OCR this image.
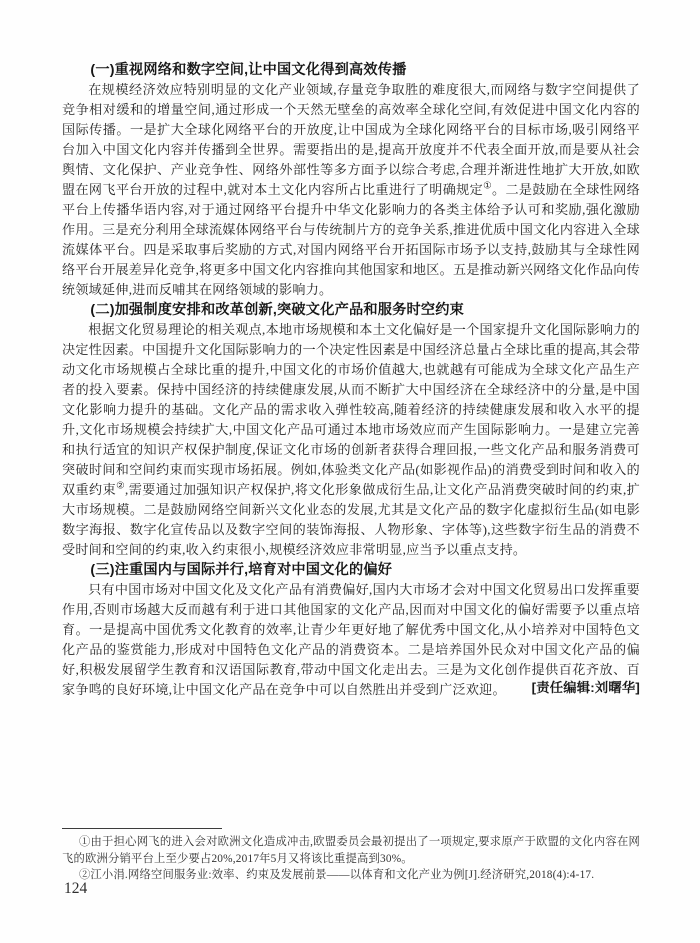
(一)重视网络和数字空间,让中国文化得到高效传播

在规模经济效应特别明显的文化产业领域,存量竞争取胜的难度很大,而网络与数字空间提供了竞争相对缓和的增量空间,通过形成一个天然无壁垒的高效率全球化空间,有效促进中国文化内容的国际传播。一是扩大全球化网络平台的开放度,让中国成为全球化网络平台的目标市场,吸引网络平台加入中国文化内容并传播到全世界。需要指出的是,提高开放度并不代表全面开放,而是要从社会舆情、文化保护、产业竞争性、网络外部性等多方面予以综合考虑,合理并渐进性地扩大开放,如欧盟在网飞平台开放的过程中,就对本土文化内容所占比重进行了明确规定①。二是鼓励在全球性网络平台上传播华语内容,对于通过网络平台提升中华文化影响力的各类主体给予认可和奖励,强化激励作用。三是充分利用全球流媒体网络平台与传统制片方的竞争关系,推进优质中国文化内容进入全球流媒体平台。四是采取事后奖励的方式,对国内网络平台开拓国际市场予以支持,鼓励其与全球性网络平台开展差异化竞争,将更多中国文化内容推向其他国家和地区。五是推动新兴网络文化作品向传统领域延伸,进而反哺其在网络领域的影响力。

(二)加强制度安排和改革创新,突破文化产品和服务时空约束

根据文化贸易理论的相关观点,本地市场规模和本土文化偏好是一个国家提升文化国际影响力的决定性因素。中国提升文化国际影响力的一个决定性因素是中国经济总量占全球比重的提高,其会带动文化市场规模占全球比重的提升,中国文化的市场价值越大,也就越有可能成为全球文化产品生产者的投入要素。保持中国经济的持续健康发展,从而不断扩大中国经济在全球经济中的分量,是中国文化影响力提升的基础。文化产品的需求收入弹性较高,随着经济的持续健康发展和收入水平的提升,文化市场规模会持续扩大,中国文化产品可通过本地市场效应而产生国际影响力。一是建立完善和执行适宜的知识产权保护制度,保证文化市场的创新者获得合理回报,一些文化产品和服务消费可突破时间和空间约束而实现市场拓展。例如,体验类文化产品(如影视作品)的消费受到时间和收入的双重约束②,需要通过加强知识产权保护,将文化形象做成衍生品,让文化产品消费突破时间的约束,扩大市场规模。二是鼓励网络空间新兴文化业态的发展,尤其是文化产品的数字化虚拟衍生品(如电影数字海报、数字化宣传品以及数字空间的装饰海报、人物形象、字体等),这些数字衍生品的消费不受时间和空间的约束,收入约束很小,规模经济效应非常明显,应当予以重点支持。

(三)注重国内与国际并行,培育对中国文化的偏好

只有中国市场对中国文化及文化产品有消费偏好,国内大市场才会对中国文化贸易出口发挥重要作用,否则市场越大反而越有利于进口其他国家的文化产品,因而对中国文化的偏好需要予以重点培育。一是提高中国优秀文化教育的效率,让青少年更好地了解优秀中国文化,从小培养对中国特色文化产品的鉴赏能力,形成对中国特色文化产品的消费资本。二是培养国外民众对中国文化产品的偏好,积极发展留学生教育和汉语国际教育,带动中国文化走出去。三是为文化创作提供百花齐放、百家争鸣的良好环境,让中国文化产品在竞争中可以自然胜出并受到广泛欢迎。	[责任编辑:刘曙华]

①由于担心网飞的进入会对欧洲文化造成冲击,欧盟委员会最初提出了一项规定,要求原产于欧盟的文化内容在网飞的欧洲分销平台上至少要占20%,2017年5月又将该比重提高到30%。

②江小涓.网络空间服务业:效率、约束及发展前景——以体育和文化产业为例[J].经济研究,2018(4):4-17.

124
